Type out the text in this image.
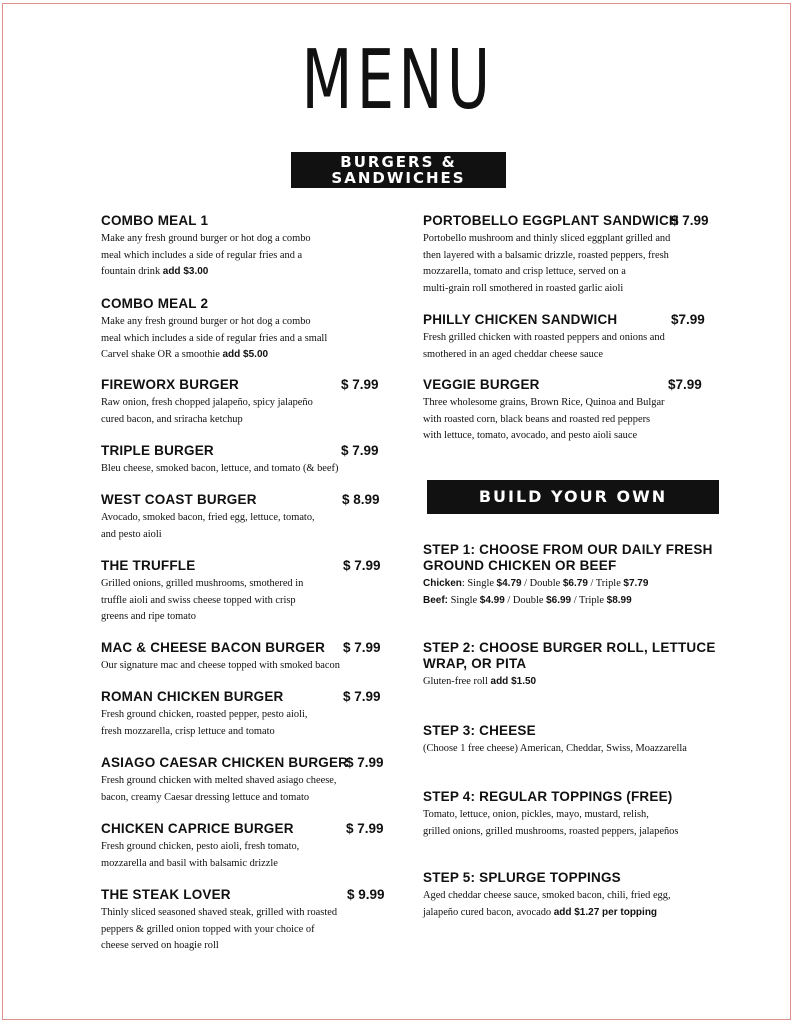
MENU
BURGERS &
SANDWICHES
COMBO MEAL 1
Make any fresh ground burger or hot dog a combo
meal which includes a side of regular fries and a
fountain drink add $3.00
COMBO MEAL 2
Make any fresh ground burger or hot dog a combo
meal which includes a side of regular fries and a small
Carvel shake OR a smoothie add $5.00
FIREWORX BURGER	$ 7.99
Raw onion, fresh chopped jalapeño, spicy jalapeño
cured bacon, and sriracha ketchup
TRIPLE BURGER	$ 7.99
Bleu cheese, smoked bacon, lettuce, and tomato (& beef)
WEST COAST BURGER	$ 8.99
Avocado, smoked bacon, fried egg, lettuce, tomato,
and pesto aioli
THE TRUFFLE	$ 7.99
Grilled onions, grilled mushrooms, smothered in
truffle aioli and swiss cheese topped with crisp
greens and ripe tomato
MAC & CHEESE BACON BURGER	$ 7.99
Our signature mac and cheese topped with smoked bacon
ROMAN CHICKEN BURGER	$ 7.99
Fresh ground chicken, roasted pepper, pesto aioli,
fresh mozzarella, crisp lettuce and tomato
ASIAGO CAESAR CHICKEN BURGER
$ 7.99
Fresh ground chicken with melted shaved asiago cheese,
bacon, creamy Caesar dressing lettuce and tomato
CHICKEN CAPRICE BURGER	$ 7.99
Fresh ground chicken, pesto aioli, fresh tomato,
mozzarella and basil with balsamic drizzle
THE STEAK LOVER	$ 9.99
Thinly sliced seasoned shaved steak, grilled with roasted
peppers & grilled onion topped with your choice of
cheese served on hoagie roll
PORTOBELLO EGGPLANT SANDWICH
$ 7.99
Portobello mushroom and thinly sliced eggplant grilled and
then layered with a balsamic drizzle, roasted peppers, fresh
mozzarella, tomato and crisp lettuce, served on a
multi-grain roll smothered in roasted garlic aioli
PHILLY CHICKEN SANDWICH	$7.99
Fresh grilled chicken with roasted peppers and onions and
smothered in an aged cheddar cheese sauce
VEGGIE BURGER	$7.99
Three wholesome grains, Brown Rice, Quinoa and Bulgar
with roasted corn, black beans and roasted red peppers
with lettuce, tomato, avocado, and pesto aioli sauce
BUILD YOUR OWN BURGER
STEP 1: CHOOSE FROM OUR DAILY FRESH
GROUND CHICKEN OR BEEF
Chicken: Single $4.79 / Double $6.79 / Triple $7.79
Beef: Single $4.99 / Double $6.99 / Triple $8.99
STEP 2: CHOOSE BURGER ROLL, LETTUCE
WRAP, OR PITA
Gluten-free roll add $1.50
STEP 3: CHEESE
(Choose 1 free cheese) American, Cheddar, Swiss, Moazzarella
STEP 4: REGULAR TOPPINGS (FREE)
Tomato, lettuce, onion, pickles, mayo, mustard, relish,
grilled onions, grilled mushrooms, roasted peppers, jalapeños
STEP 5: SPLURGE TOPPINGS
Aged cheddar cheese sauce, smoked bacon, chili, fried egg,
jalapeño cured bacon, avocado add $1.27 per topping
